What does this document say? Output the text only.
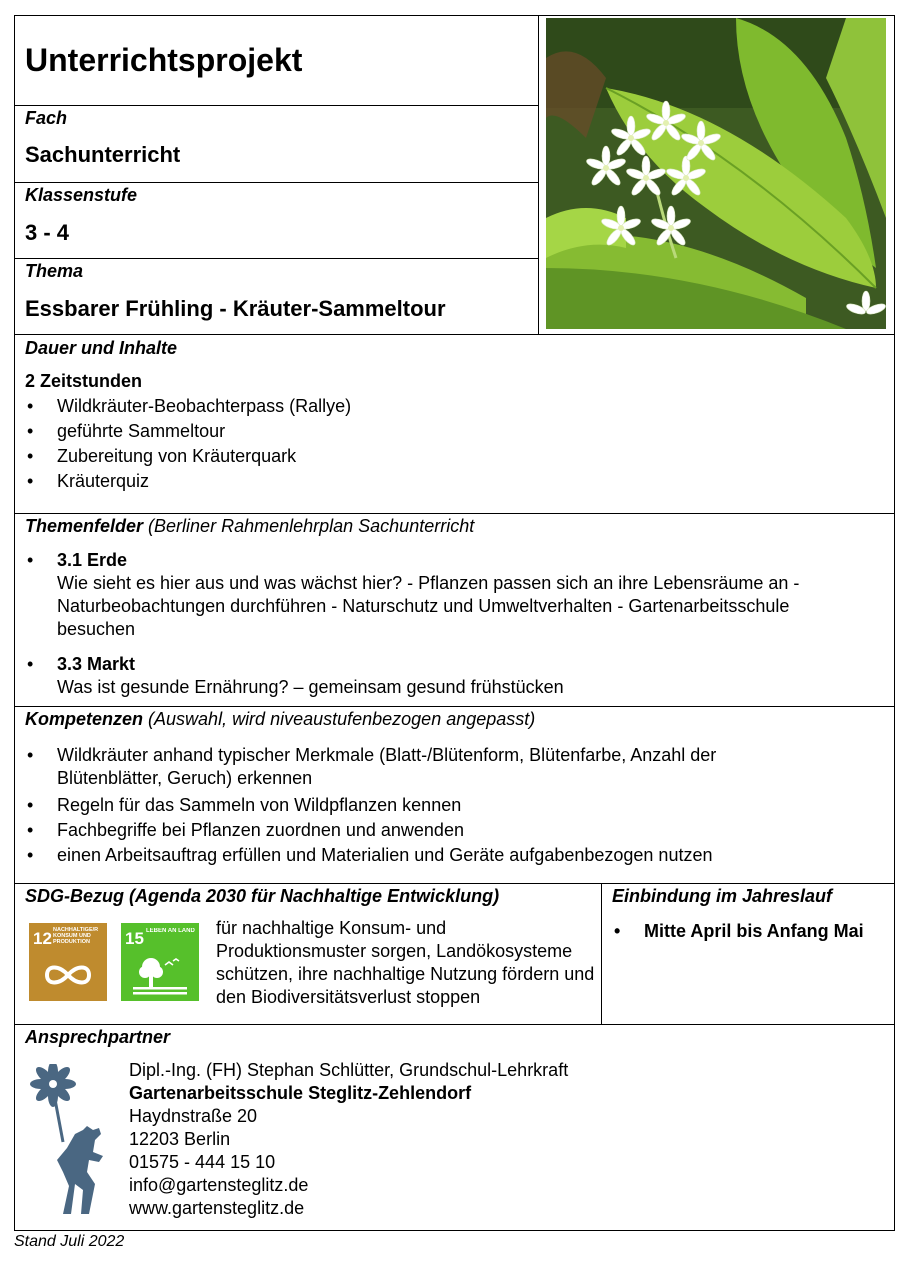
Unterrichtsprojekt
Fach
Sachunterricht
Klassenstufe
3 - 4
Thema
Essbarer Frühling - Kräuter-Sammeltour
Dauer und Inhalte
2 Zeitstunden
• Wildkräuter-Beobachterpass (Rallye)
• geführte Sammeltour
• Zubereitung von Kräuterquark
• Kräuterquiz
Themenfelder (Berliner Rahmenlehrplan Sachunterricht
• 3.1 Erde
Wie sieht es hier aus und was wächst hier? - Pflanzen passen sich an ihre Lebensräume an - Naturbeobachtungen durchführen - Naturschutz und Umweltverhalten - Gartenarbeitsschule besuchen
• 3.3 Markt
Was ist gesunde Ernährung? – gemeinsam gesund frühstücken
Kompetenzen (Auswahl, wird niveaustufenbezogen angepasst)
• Wildkräuter anhand typischer Merkmale (Blatt-/Blütenform, Blütenfarbe, Anzahl der Blütenblätter, Geruch) erkennen
• Regeln für das Sammeln von Wildpflanzen kennen
• Fachbegriffe bei Pflanzen zuordnen und anwenden
• einen Arbeitsauftrag erfüllen und Materialien und Geräte aufgabenbezogen nutzen
SDG-Bezug (Agenda 2030 für Nachhaltige Entwicklung)
12 NACHHALTIGE/R KONSUM UND PRODUKTION	15 LEBEN AN LAND für nachhaltige Konsum- und Produktionsmuster sorgen, Landökosysteme schützen, ihre nachhaltige Nutzung fördern und den Biodiversitätsverlust stoppen
Einbindung im Jahreslauf
• Mitte April bis Anfang Mai
Ansprechpartner
Dipl.-Ing. (FH) Stephan Schlütter, Grundschul-Lehrkraft
Gartenarbeitsschule Steglitz-Zehlendorf
Haydnstraße 20
12203 Berlin
01575 - 444 15 10
info@gartensteglitz.de
www.gartensteglitz.de
Stand Juli 2022
